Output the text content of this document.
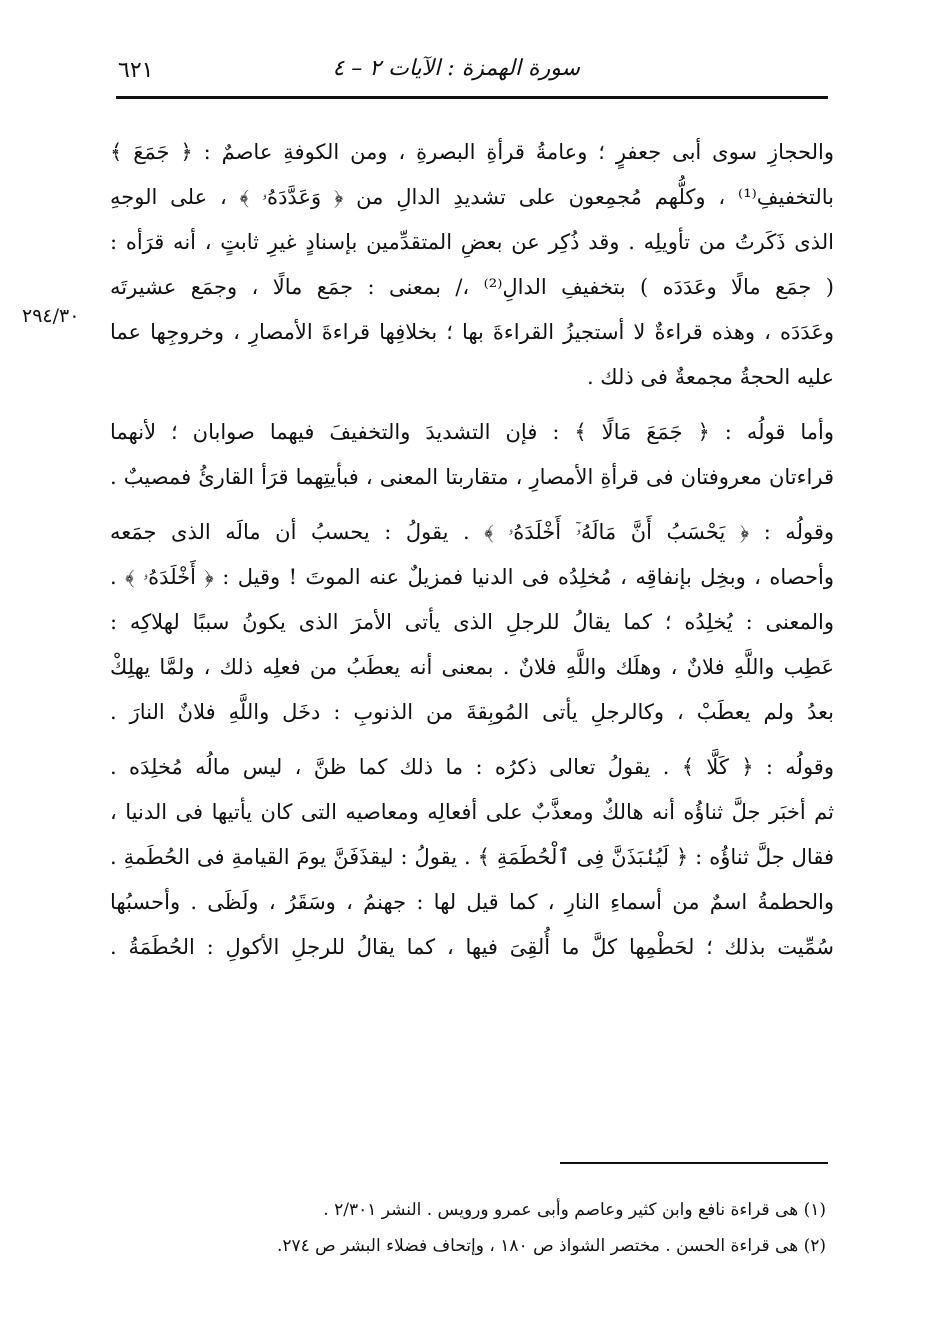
٦٢١	سورة الهمزة : الآيات ٢ – ٤
٢٩٤/٣٠
والحجازِ سوى أبى جعفرٍ ؛ وعامةُ قرأةِ البصرةِ ، ومن الكوفةِ عاصمٌ : ﴿ جَمَعَ ﴾
بالتخفيفِ⁽¹⁾ ، وكلُّهم مُجمِعون على تشديدِ الدالِ من ﴿ وَعَدَّدَهُۥ ﴾ ، على الوجهِ
الذى ذَكَرتُ من تأويلِه . وقد ذُكِر عن بعضِ المتقدِّمين بإسنادٍ غيرِ ثابتٍ ، أنه قرَأه :
( جمَع مالًا وعَدَدَه ) بتخفيفِ الدالِ⁽²⁾ ،/ بمعنى : جمَع مالًا ، وجمَع عشيرتَه
وعَدَدَه ، وهذه قراءةٌ لا أستجيزُ القراءةَ بها ؛ بخلافِها قراءةَ الأمصارِ ، وخروجِها عما
عليه الحجةُ مجمعةٌ فى ذلك .
وأما قولُه : ﴿ جَمَعَ مَالًا ﴾ : فإن التشديدَ والتخفيفَ فيهما صوابان ؛ لأنهما
قراءتان معروفتان فى قرأةِ الأمصارِ ، متقاربتا المعنى ، فبأيتِهما قرَأ القارئُ فمصيبٌ .
وقولُه : ﴿ يَحْسَبُ أَنَّ مَالَهُۥٓ أَخْلَدَهُۥ ﴾ . يقولُ : يحسبُ أن مالَه الذى جمَعه
وأحصاه ، وبخِل بإنفاقِه ، مُخلِدُه فى الدنيا فمزيلٌ عنه الموتَ ! وقيل : ﴿ أَخْلَدَهُۥ ﴾ .
والمعنى : يُخلِدُه ؛ كما يقالُ للرجلِ الذى يأتى الأمرَ الذى يكونُ سببًا لهلاكِه :
عَطِب واللَّهِ فلانٌ ، وهلَك واللَّهِ فلانٌ . بمعنى أنه يعطَبُ من فعلِه ذلك ، ولمَّا يهلِكْ
بعدُ ولم يعطَبْ ، وكالرجلِ يأتى المُوبِقةَ من الذنوبِ : دخَل واللَّهِ فلانٌ النارَ .
وقولُه : ﴿ كَلَّا ﴾ . يقولُ تعالى ذكرُه : ما ذلك كما ظنَّ ، ليس مالُه مُخلِدَه .
ثم أخبَر جلَّ ثناؤُه أنه هالكٌ ومعذَّبٌ على أفعالِه ومعاصيه التى كان يأتيها فى الدنيا ،
فقال جلَّ ثناؤُه : ﴿ لَيُنۢبَذَنَّ فِى ٱلْحُطَمَةِ ﴾ . يقولُ : ليقذَفَنَّ يومَ القيامةِ فى الحُطَمةِ .
والحطمةُ اسمٌ من أسماءِ النارِ ، كما قيل لها : جهنمُ ، وسَقَرُ ، ولَظَى . وأحسبُها
سُمِّيت بذلك ؛ لحَطْمِها كلَّ ما أُلقِىَ فيها ، كما يقالُ للرجلِ الأكولِ : الحُطَمَةُ .
(١) هى قراءة نافع وابن كثير وعاصم وأبى عمرو ورويس . النشر ٢/٣٠١ .
(٢) هى قراءة الحسن . مختصر الشواذ ص ١٨٠ ، وإتحاف فضلاء البشر ص ٢٧٤.
